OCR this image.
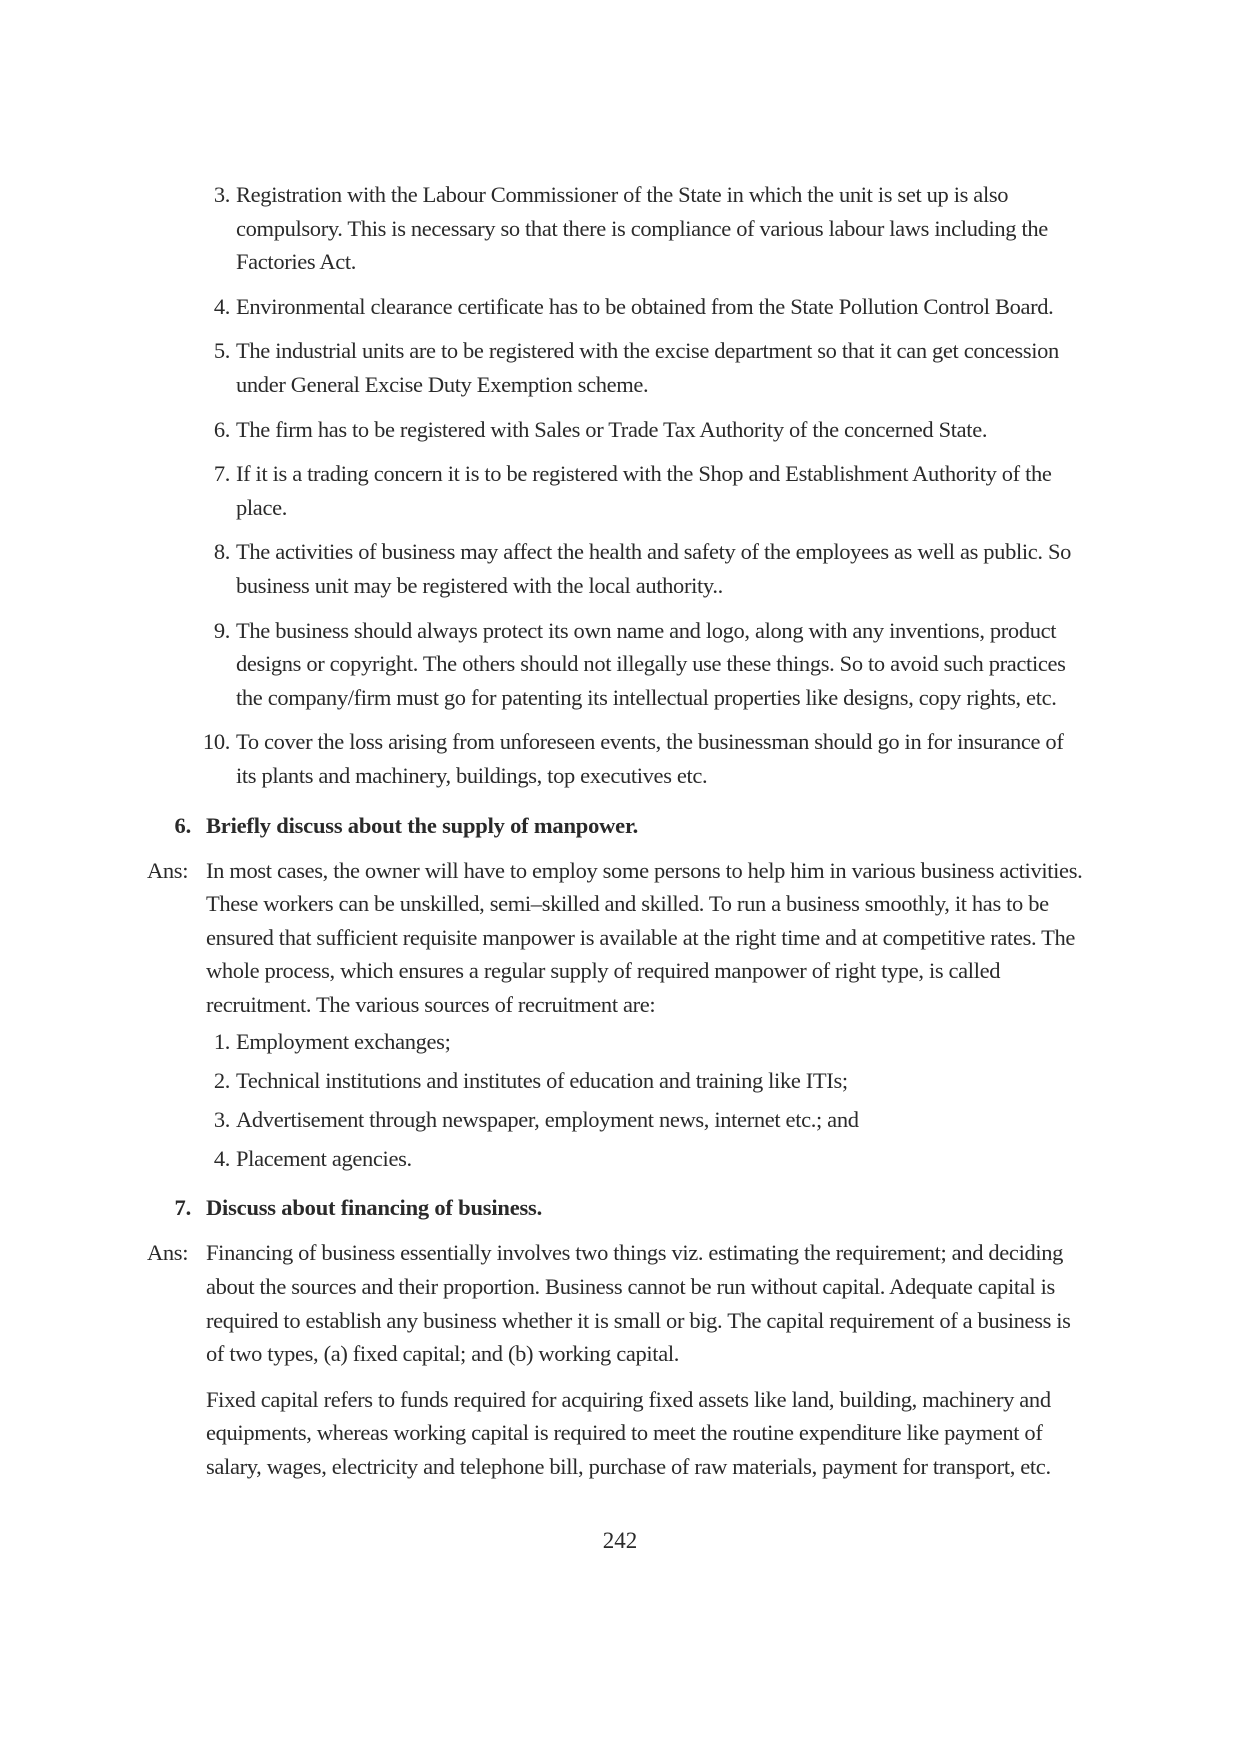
3. Registration with the Labour Commissioner of the State in which the unit is set up is also compulsory. This is necessary so that there is compliance of various labour laws including the Factories Act.
4. Environmental clearance certificate has to be obtained from the State Pollution Control Board.
5. The industrial units are to be registered with the excise department so that it can get concession under General Excise Duty Exemption scheme.
6. The firm has to be registered with Sales or Trade Tax Authority of the concerned State.
7. If it is a trading concern it is to be registered with the Shop and Establishment Authority of the place.
8. The activities of business may affect the health and safety of the employees as well as public. So business unit may be registered with the local authority..
9. The business should always protect its own name and logo, along with any inventions, product designs or copyright. The others should not illegally use these things. So to avoid such practices the company/firm must go for patenting its intellectual properties like designs, copy rights, etc.
10. To cover the loss arising from unforeseen events, the businessman should go in for insurance of its plants and machinery, buildings, top executives etc.
6. Briefly discuss about the supply of manpower.
Ans: In most cases, the owner will have to employ some persons to help him in various business activities. These workers can be unskilled, semi–skilled and skilled. To run a business smoothly, it has to be ensured that sufficient requisite manpower is available at the right time and at competitive rates. The whole process, which ensures a regular supply of required manpower of right type, is called recruitment. The various sources of recruitment are:
1. Employment exchanges;
2. Technical institutions and institutes of education and training like ITIs;
3. Advertisement through newspaper, employment news, internet etc.; and
4. Placement agencies.
7. Discuss about financing of business.
Ans: Financing of business essentially involves two things viz. estimating the requirement; and deciding about the sources and their proportion. Business cannot be run without capital. Adequate capital is required to establish any business whether it is small or big. The capital requirement of a business is of two types, (a) fixed capital; and (b) working capital.
Fixed capital refers to funds required for acquiring fixed assets like land, building, machinery and equipments, whereas working capital is required to meet the routine expenditure like payment of salary, wages, electricity and telephone bill, purchase of raw materials, payment for transport, etc.
242
